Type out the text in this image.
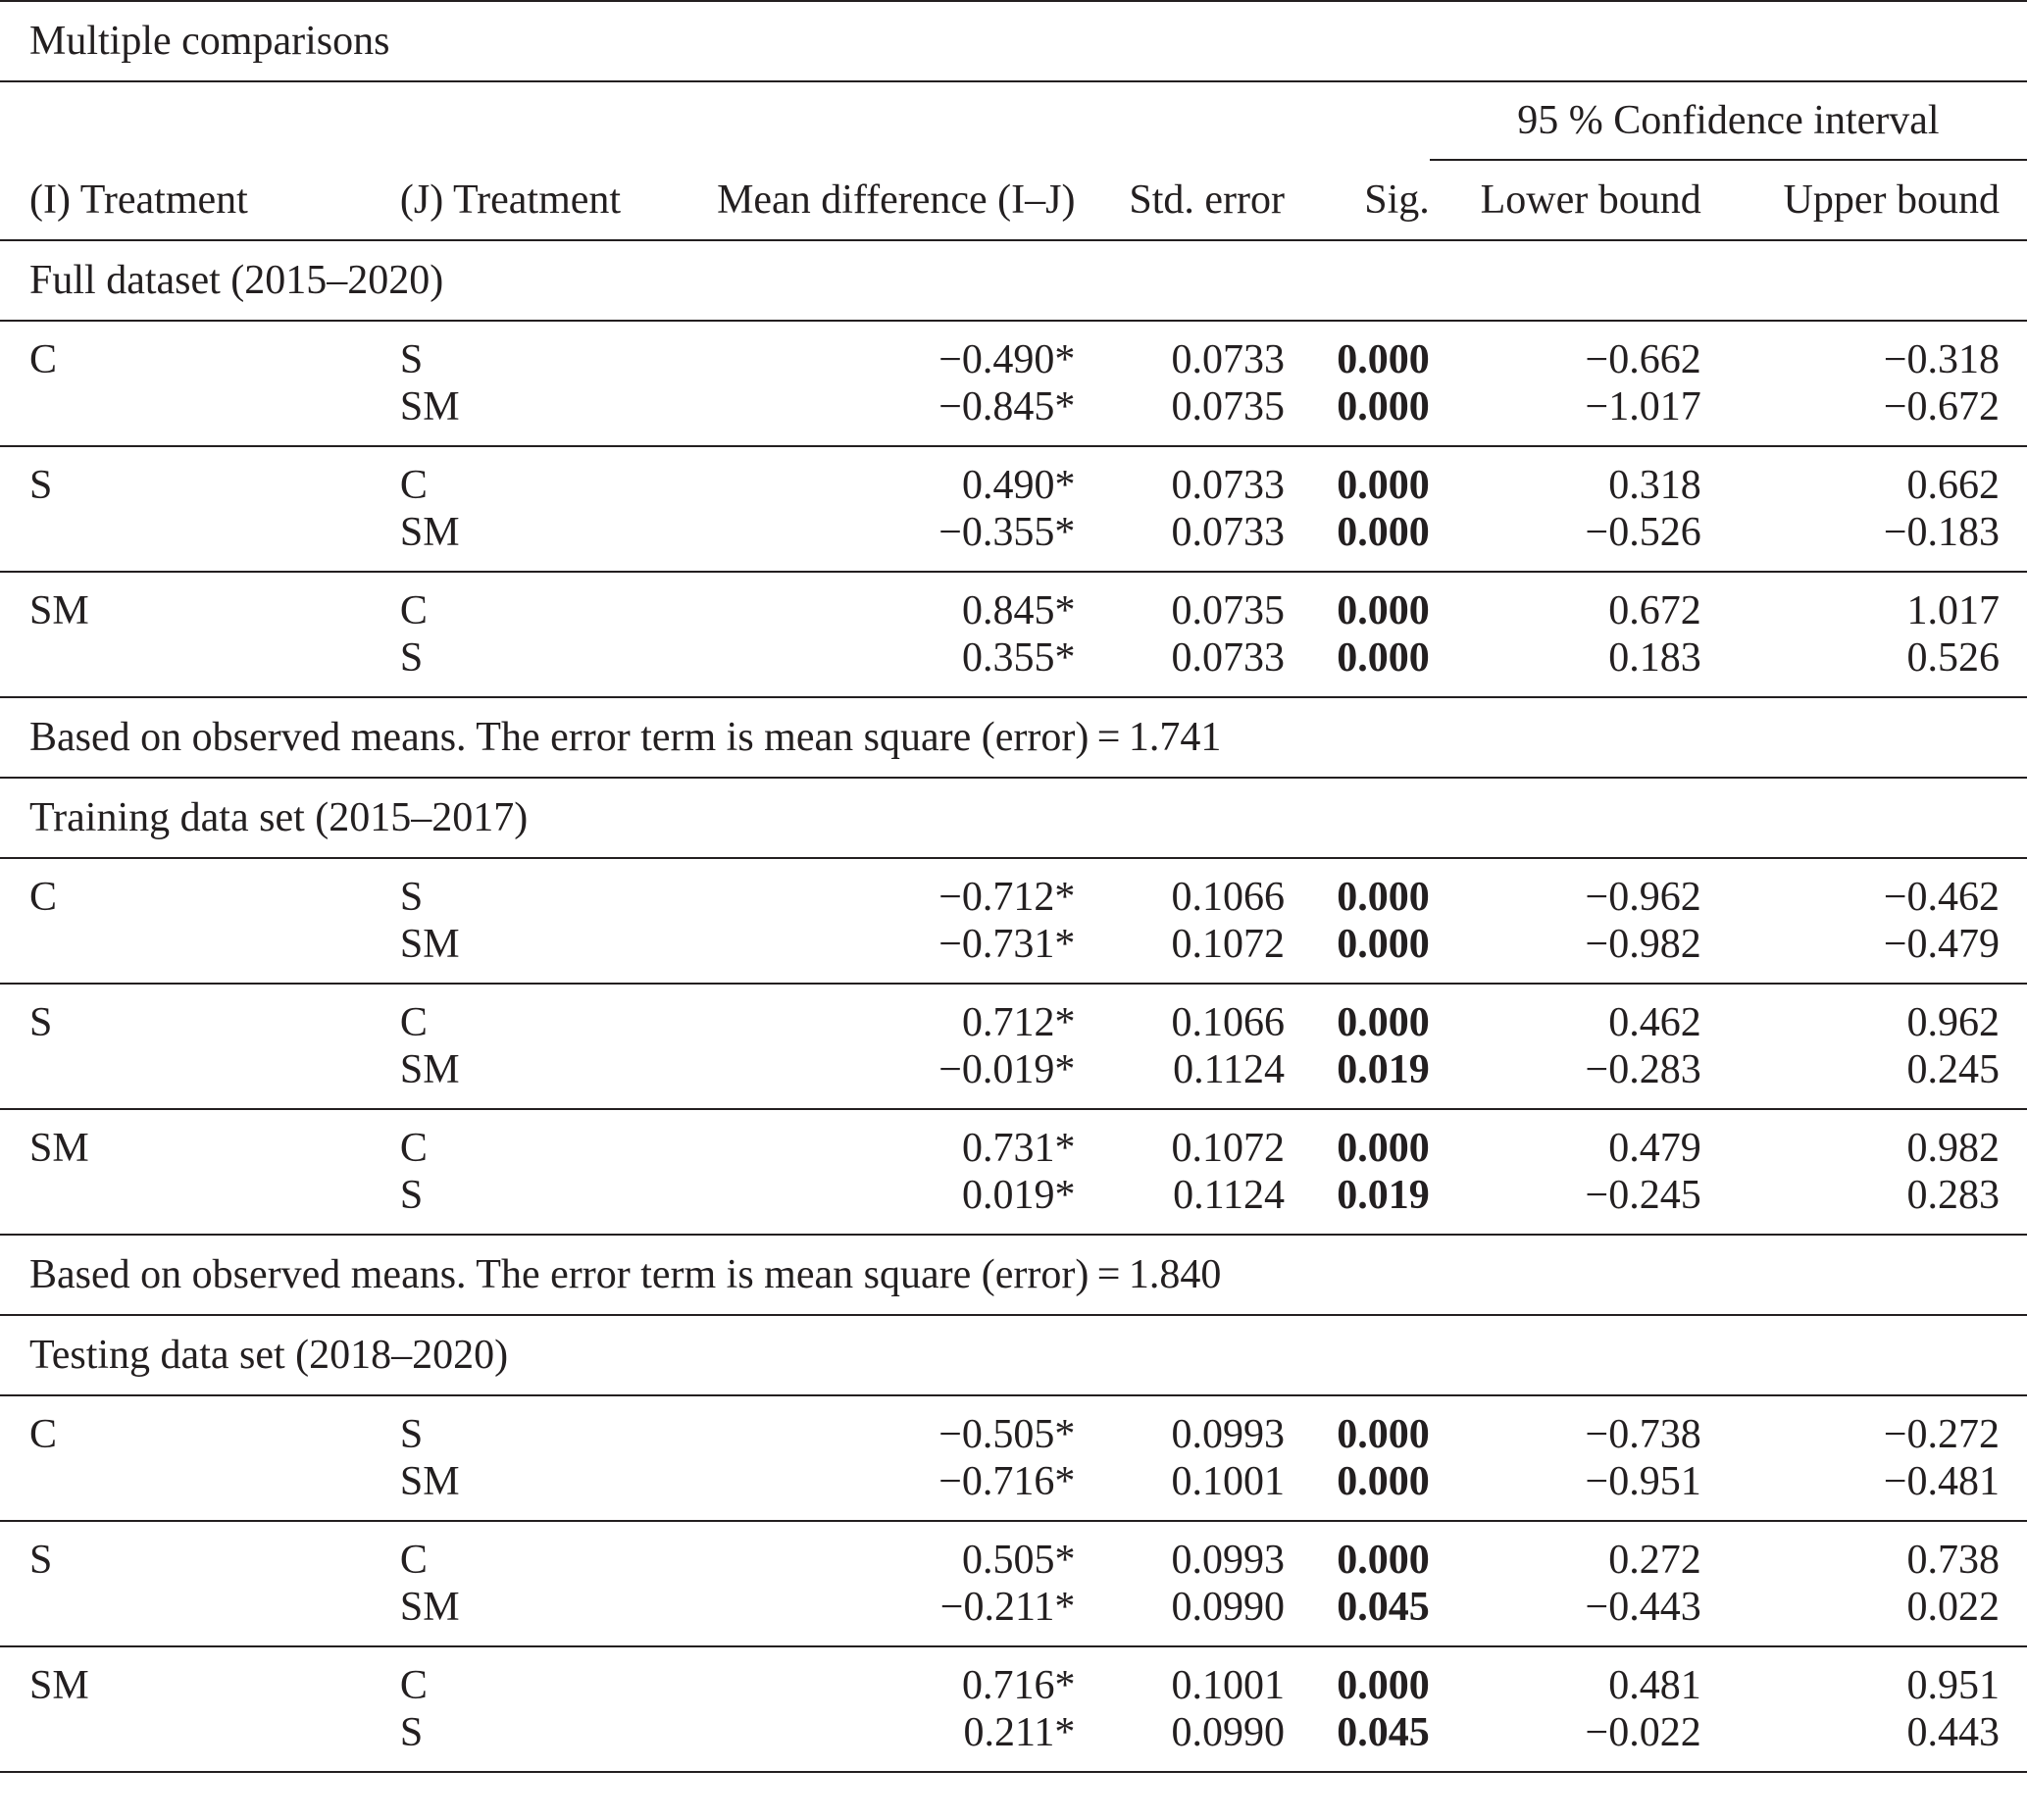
Multiple comparisons						
					95 % Confidence interval	
(I) Treatment	(J) Treatment	Mean difference (I–J)	Std. error	Sig.	Lower bound	Upper bound
Full dataset (2015–2020)						
C	S	−0.490*	0.0733	0.000	−0.662	−0.318
	SM	−0.845*	0.0735	0.000	−1.017	−0.672
S	C	0.490*	0.0733	0.000	0.318	0.662
	SM	−0.355*	0.0733	0.000	−0.526	−0.183
SM	C	0.845*	0.0735	0.000	0.672	1.017
	S	0.355*	0.0733	0.000	0.183	0.526
Based on observed means. The error term is mean square (error) = 1.741						
Training data set (2015–2017)						
C	S	−0.712*	0.1066	0.000	−0.962	−0.462
	SM	−0.731*	0.1072	0.000	−0.982	−0.479
S	C	0.712*	0.1066	0.000	0.462	0.962
	SM	−0.019*	0.1124	0.019	−0.283	0.245
SM	C	0.731*	0.1072	0.000	0.479	0.982
	S	0.019*	0.1124	0.019	−0.245	0.283
Based on observed means. The error term is mean square (error) = 1.840						
Testing data set (2018–2020)						
C	S	−0.505*	0.0993	0.000	−0.738	−0.272
	SM	−0.716*	0.1001	0.000	−0.951	−0.481
S	C	0.505*	0.0993	0.000	0.272	0.738
	SM	−0.211*	0.0990	0.045	−0.443	0.022
SM	C	0.716*	0.1001	0.000	0.481	0.951
	S	0.211*	0.0990	0.045	−0.022	0.443
